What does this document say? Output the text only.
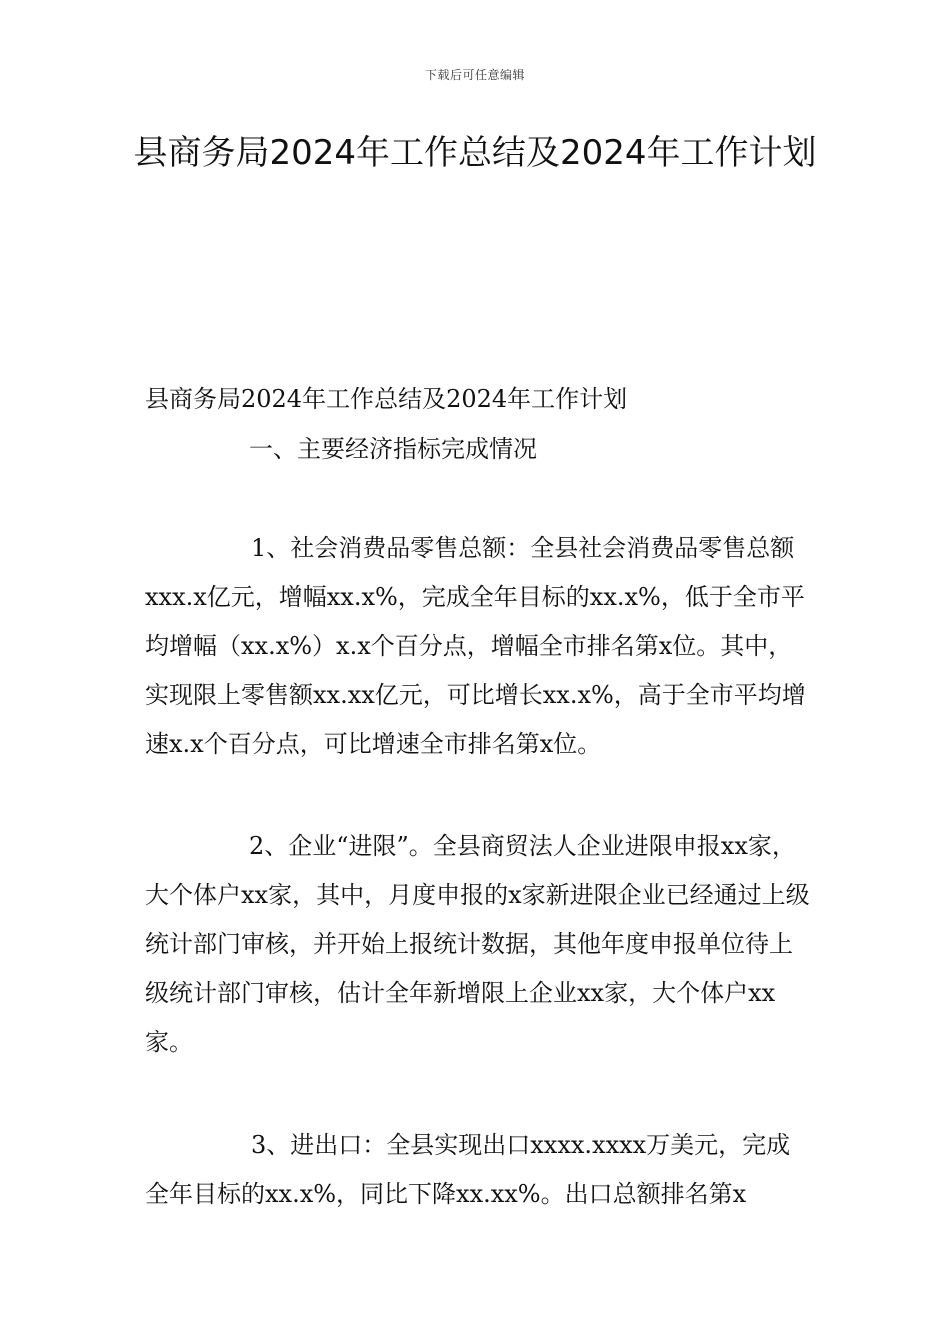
下载后可任意编辑
县商务局2024年工作总结及2024年工作计划

县商务局2024年工作总结及2024年工作计划

一、主要经济指标完成情况

1、社会消费品零售总额：全县社会消费品零售总额xxx.x亿元，增幅xx.x%，完成全年目标的xx.x%，低于全市平均增幅（xx.x%）x.x个百分点，增幅全市排名第x位。其中，实现限上零售额xx.xx亿元，可比增长xx.x%，高于全市平均增速x.x个百分点，可比增速全市排名第x位。

2、企业“进限”。全县商贸法人企业进限申报xx家，大个体户xx家，其中，月度申报的x家新进限企业已经通过上级统计部门审核，并开始上报统计数据，其他年度申报单位待上级统计部门审核，估计全年新增限上企业xx家，大个体户xx家。

3、进出口：全县实现出口xxxx.xxxx万美元，完成全年目标的xx.x%，同比下降xx.xx%。出口总额排名第x
